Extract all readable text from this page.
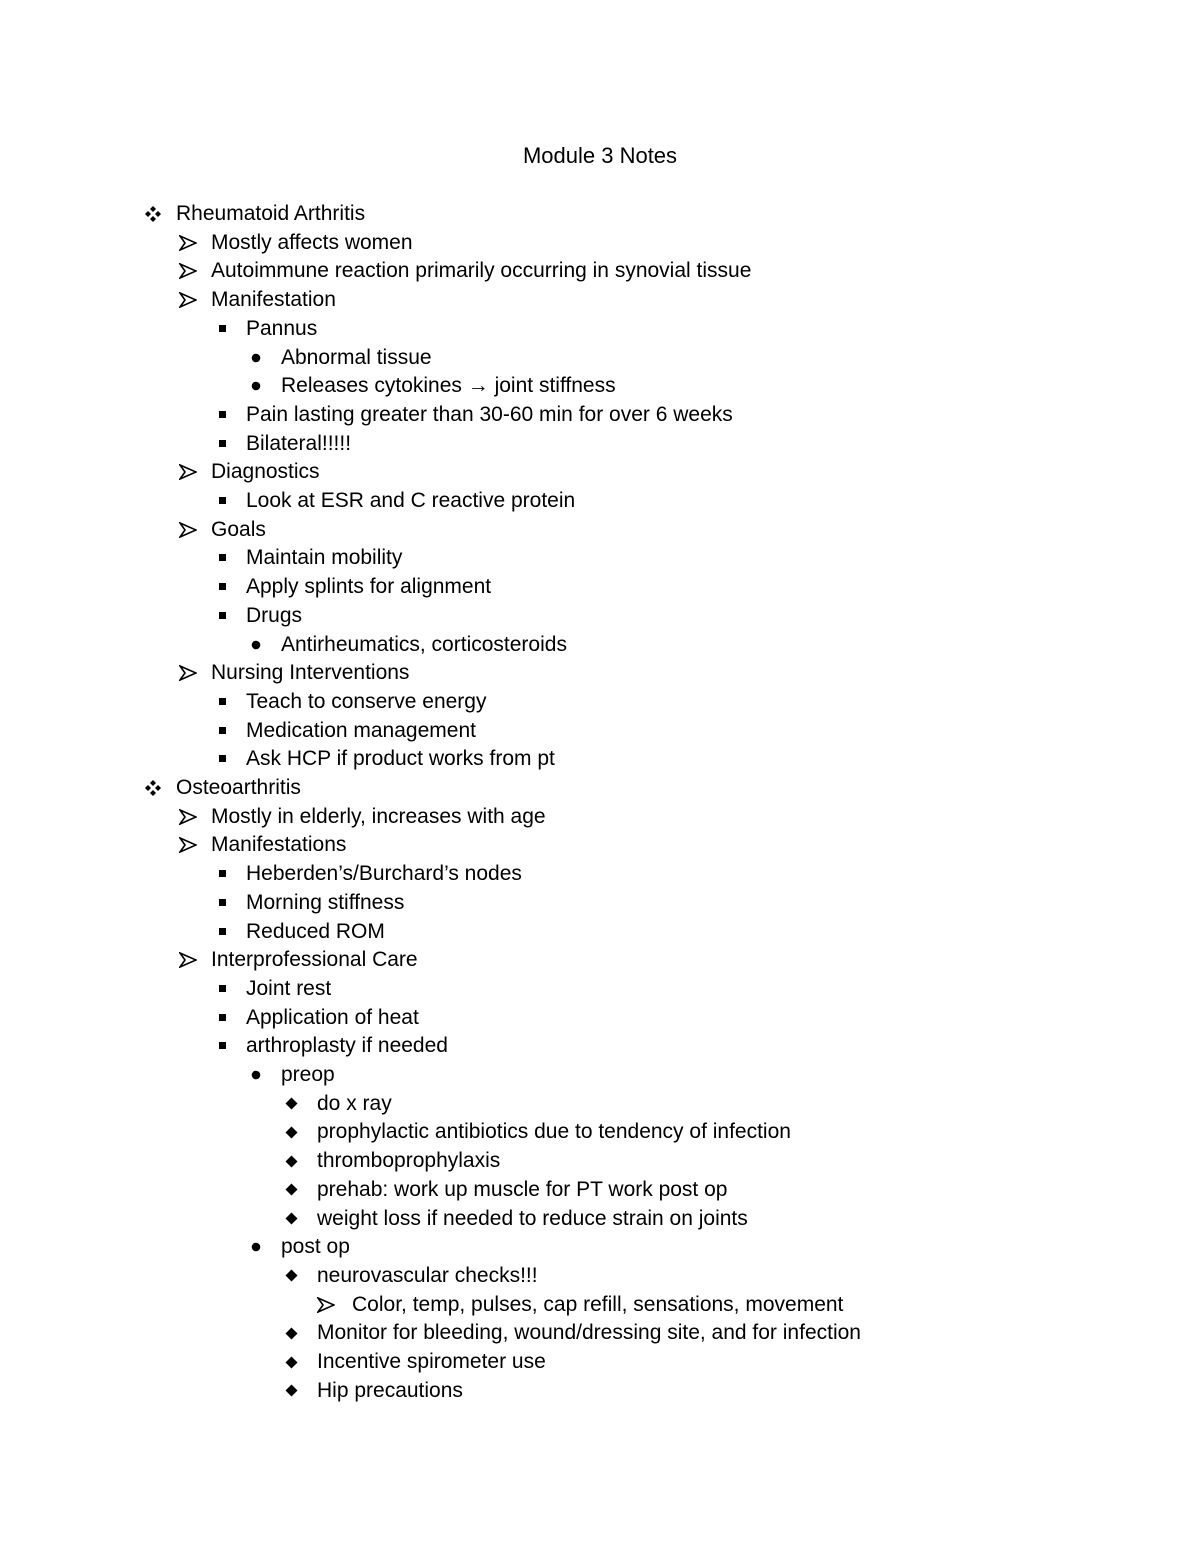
Module 3 Notes
Rheumatoid Arthritis
Mostly affects women
Autoimmune reaction primarily occurring in synovial tissue
Manifestation
Pannus
Abnormal tissue
Releases cytokines → joint stiffness
Pain lasting greater than 30-60 min for over 6 weeks
Bilateral!!!!!
Diagnostics
Look at ESR and C reactive protein
Goals
Maintain mobility
Apply splints for alignment
Drugs
Antirheumatics, corticosteroids
Nursing Interventions
Teach to conserve energy
Medication management
Ask HCP if product works from pt
Osteoarthritis
Mostly in elderly, increases with age
Manifestations
Heberden’s/Burchard’s nodes
Morning stiffness
Reduced ROM
Interprofessional Care
Joint rest
Application of heat
arthroplasty if needed
preop
do x ray
prophylactic antibiotics due to tendency of infection
thromboprophylaxis
prehab: work up muscle for PT work post op
weight loss if needed to reduce strain on joints
post op
neurovascular checks!!!
Color, temp, pulses, cap refill, sensations, movement
Monitor for bleeding, wound/dressing site, and for infection
Incentive spirometer use
Hip precautions
